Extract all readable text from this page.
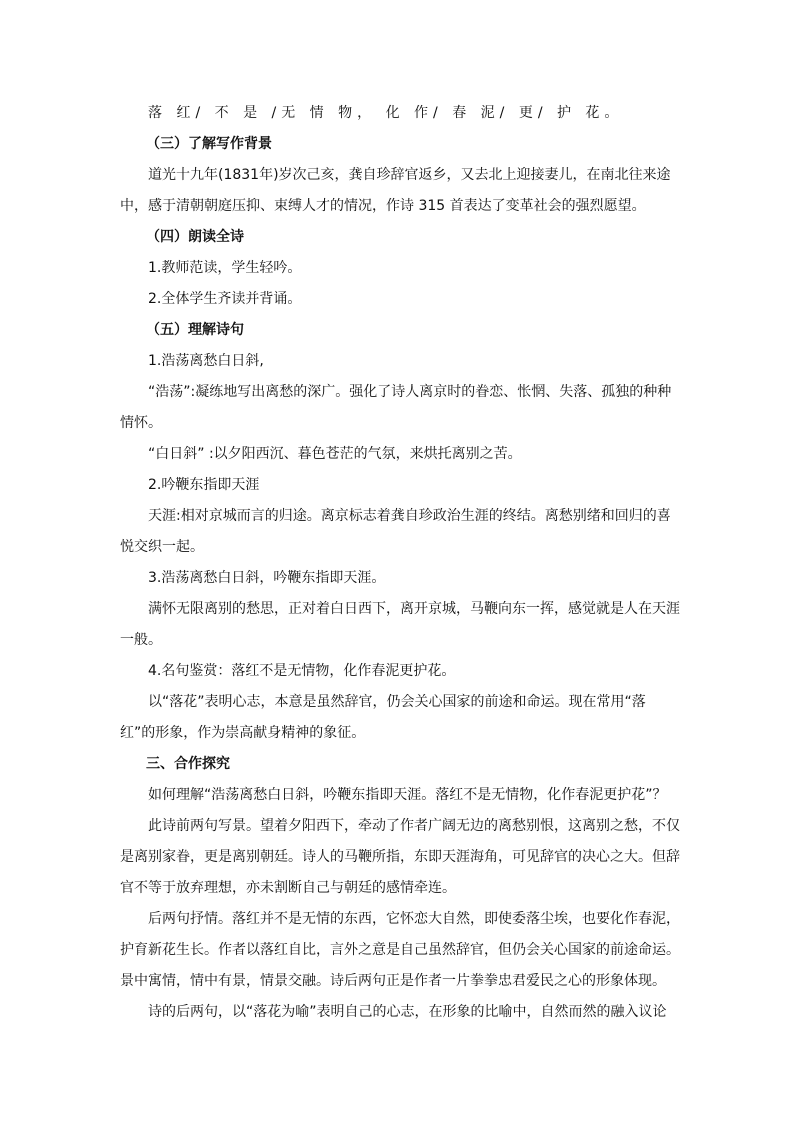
落 红/ 不 是 /无 情 物， 化 作/ 春 泥/ 更/ 护 花。

（三）了解写作背景

道光十九年(1831年)岁次己亥，龚自珍辞官返乡，又去北上迎接妻儿，在南北往来途中，感于清朝朝庭压抑、束缚人才的情况，作诗 315 首表达了变革社会的强烈愿望。

（四）朗读全诗

1.教师范读，学生轻吟。

2.全体学生齐读并背诵。

（五）理解诗句

1.浩荡离愁白日斜,

“浩荡”:凝练地写出离愁的深广。强化了诗人离京时的眷恋、怅惘、失落、孤独的种种情怀。

“白日斜” :以夕阳西沉、暮色苍茫的气氛，来烘托离别之苦。

2.吟鞭东指即天涯

天涯:相对京城而言的归途。离京标志着龚自珍政治生涯的终结。离愁别绪和回归的喜悦交织一起。

3.浩荡离愁白日斜，吟鞭东指即天涯。

满怀无限离别的愁思，正对着白日西下，离开京城，马鞭向东一挥，感觉就是人在天涯一般。

4.名句鉴赏：落红不是无情物，化作春泥更护花。

以“落花”表明心志，本意是虽然辞官，仍会关心国家的前途和命运。现在常用“落红”的形象，作为崇高献身精神的象征。

三、合作探究

如何理解“浩荡离愁白日斜，吟鞭东指即天涯。落红不是无情物，化作春泥更护花”？

此诗前两句写景。望着夕阳西下，牵动了作者广阔无边的离愁别恨，这离别之愁，不仅是离别家眷，更是离别朝廷。诗人的马鞭所指，东即天涯海角，可见辞官的决心之大。但辞官不等于放弃理想，亦未割断自己与朝廷的感情牵连。

后两句抒情。落红并不是无情的东西，它怀恋大自然，即使委落尘埃，也要化作春泥，护育新花生长。作者以落红自比，言外之意是自己虽然辞官，但仍会关心国家的前途命运。景中寓情，情中有景，情景交融。诗后两句正是作者一片拳拳忠君爱民之心的形象体现。

诗的后两句，以“落花为喻”表明自己的心志，在形象的比喻中，自然而然的融入议论
